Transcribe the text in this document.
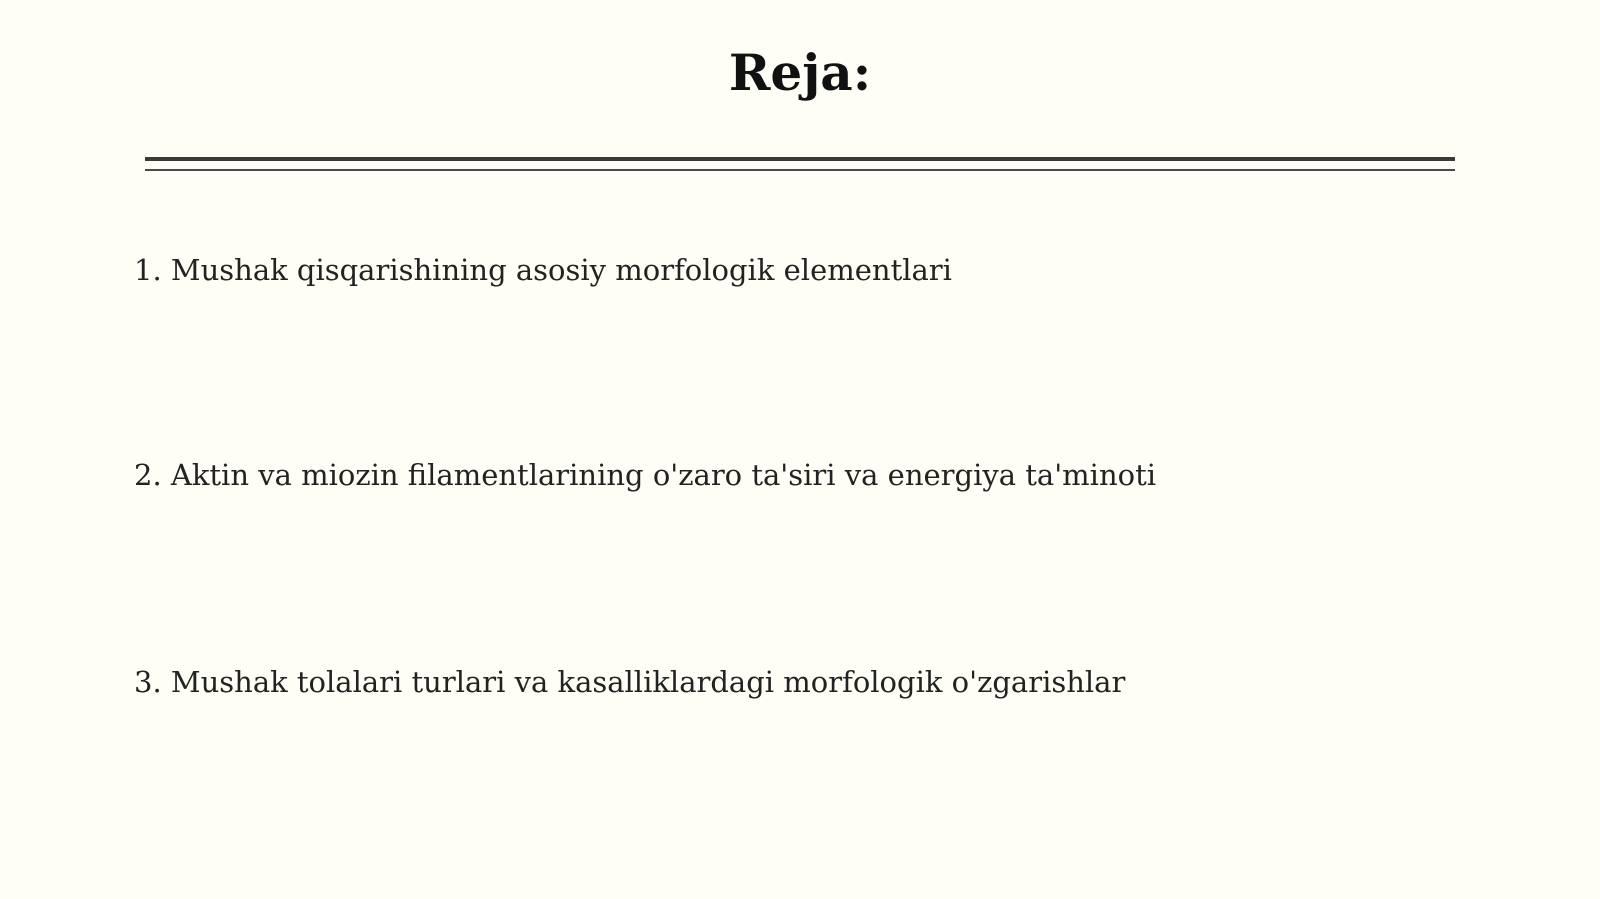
Reja:
1. Mushak qisqarishining asosiy morfologik elementlari
2. Aktin va miozin filamentlarining o'zaro ta'siri va energiya ta'minoti
3. Mushak tolalari turlari va kasalliklardagi morfologik o'zgarishlar
